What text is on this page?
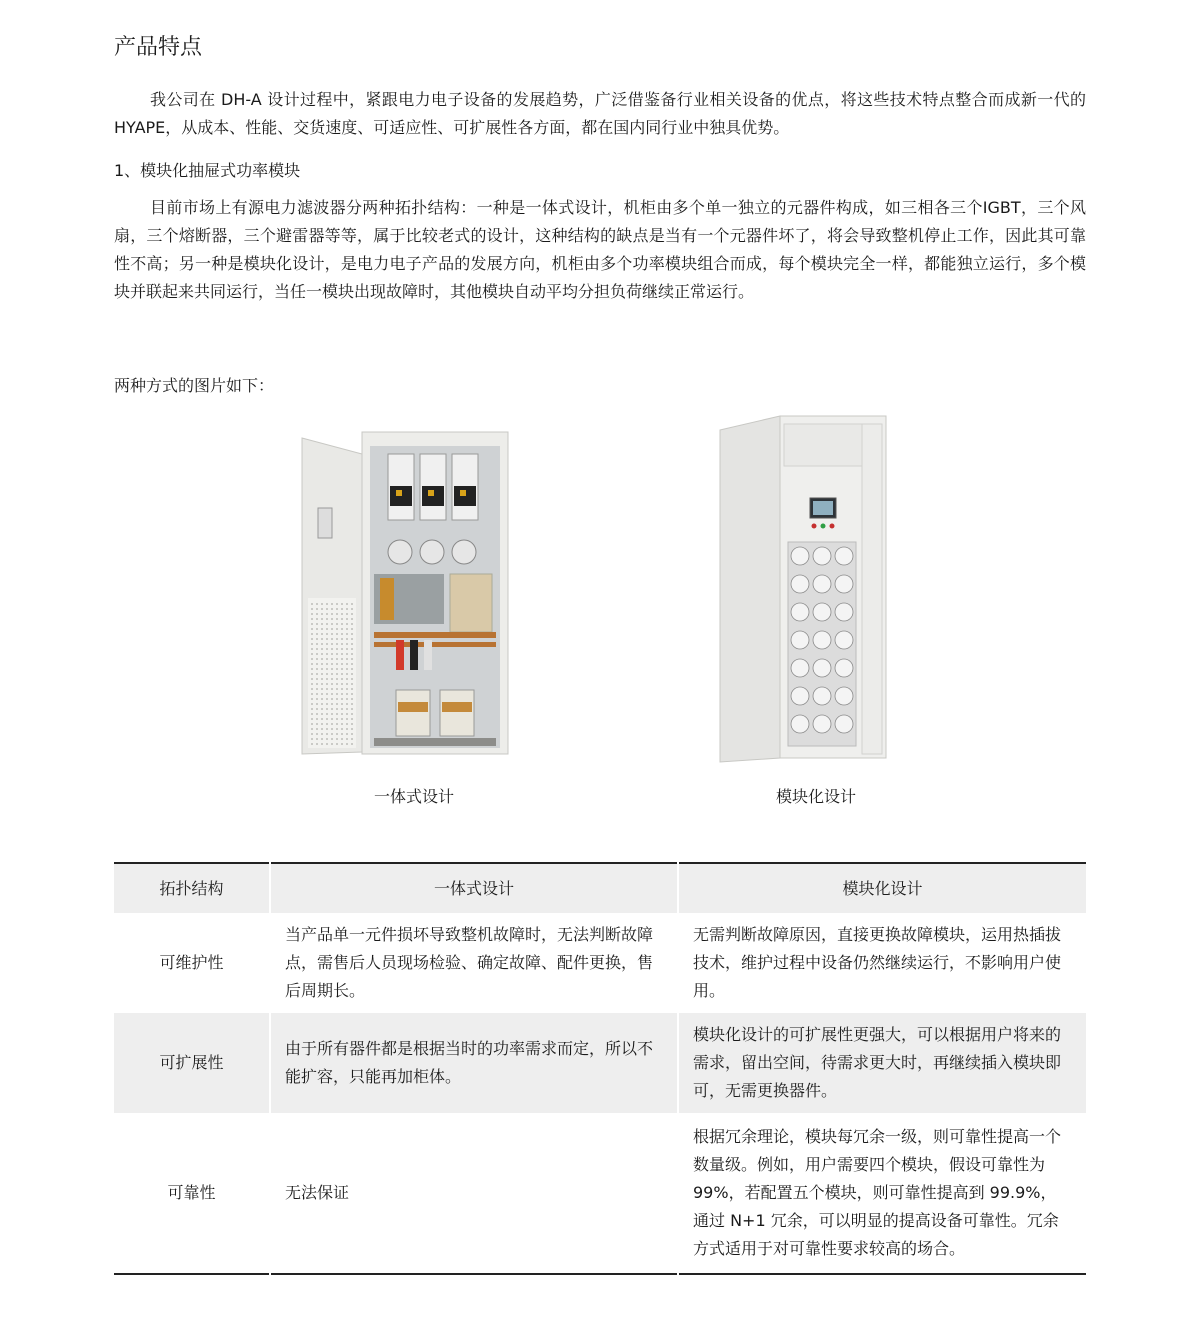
产品特点

我公司在 DH-A 设计过程中，紧跟电力电子设备的发展趋势，广泛借鉴备行业相关设备的优点，将这些技术特点整合而成新一代的 HYAPE，从成本、性能、交货速度、可适应性、可扩展性各方面，都在国内同行业中独具优势。

1、模块化抽屉式功率模块

目前市场上有源电力滤波器分两种拓扑结构：一种是一体式设计，机柜由多个单一独立的元器件构成，如三相各三个IGBT，三个风扇，三个熔断器，三个避雷器等等，属于比较老式的设计，这种结构的缺点是当有一个元器件坏了，将会导致整机停止工作，因此其可靠性不高；另一种是模块化设计，是电力电子产品的发展方向，机柜由多个功率模块组合而成，每个模块完全一样，都能独立运行，多个模块并联起来共同运行，当任一模块出现故障时，其他模块自动平均分担负荷继续正常运行。

两种方式的图片如下：

一体式设计	模块化设计
拓扑结构	一体式设计	模块化设计
可维护性	当产品单一元件损坏导致整机故障时，无法判断故障点，需售后人员现场检验、确定故障、配件更换，售后周期长。	无需判断故障原因，直接更换故障模块，运用热插拔技术，维护过程中设备仍然继续运行，不影响用户使用。
可扩展性	由于所有器件都是根据当时的功率需求而定，所以不能扩容，只能再加柜体。	模块化设计的可扩展性更强大，可以根据用户将来的需求，留出空间，待需求更大时，再继续插入模块即可，无需更换器件。
可靠性	无法保证	根据冗余理论，模块每冗余一级，则可靠性提高一个数量级。例如，用户需要四个模块，假设可靠性为 99%，若配置五个模块，则可靠性提高到 99.9%，通过 N+1 冗余，可以明显的提高设备可靠性。冗余方式适用于对可靠性要求较高的场合。
